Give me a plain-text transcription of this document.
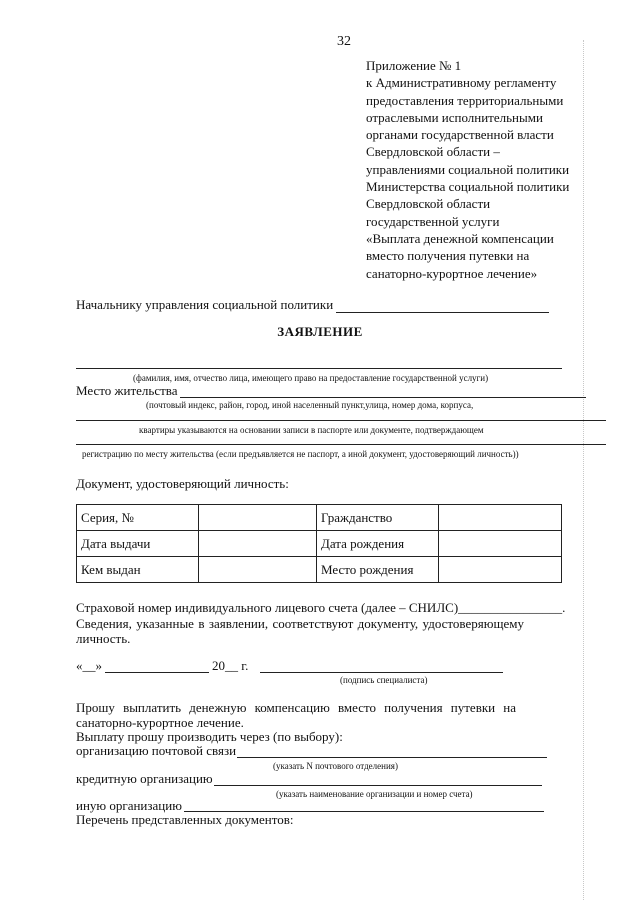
32
Приложение № 1
к Административному регламенту
предоставления территориальными
отраслевыми исполнительными
органами государственной власти
Свердловской области –
управлениями социальной политики
Министерства социальной политики
Свердловской области
государственной услуги
«Выплата денежной компенсации
вместо получения путевки на
санаторно-курортное лечение»
Начальнику управления социальной политики
ЗАЯВЛЕНИЕ
(фамилия, имя, отчество лица, имеющего право на предоставление государственной услуги)
Место жительства
(почтовый индекс, район, город, иной населенный пункт,улица, номер дома, корпуса,
квартиры указываются на основании записи в паспорте или документе, подтверждающем
регистрацию по месту жительства (если предъявляется не паспорт, а иной документ, удостоверяющий личность))
Документ, удостоверяющий личность:
Серия, №		Гражданство	
Дата выдачи		Дата рождения	
Кем выдан		Место рождения	
Страховой номер индивидуального лицевого счета (далее – СНИЛС)________________.
Сведения, указанные в заявлении, соответствуют документу, удостоверяющему
личность.
«__»	20__ г.
(подпись специалиста)
Прошу выплатить денежную компенсацию вместо получения путевки на
санаторно-курортное лечение.
Выплату прошу производить через (по выбору):
организацию почтовой связи
(указать N почтового отделения)
кредитную организацию
(указать наименование организации и номер счета)
иную организацию
Перечень представленных документов:
